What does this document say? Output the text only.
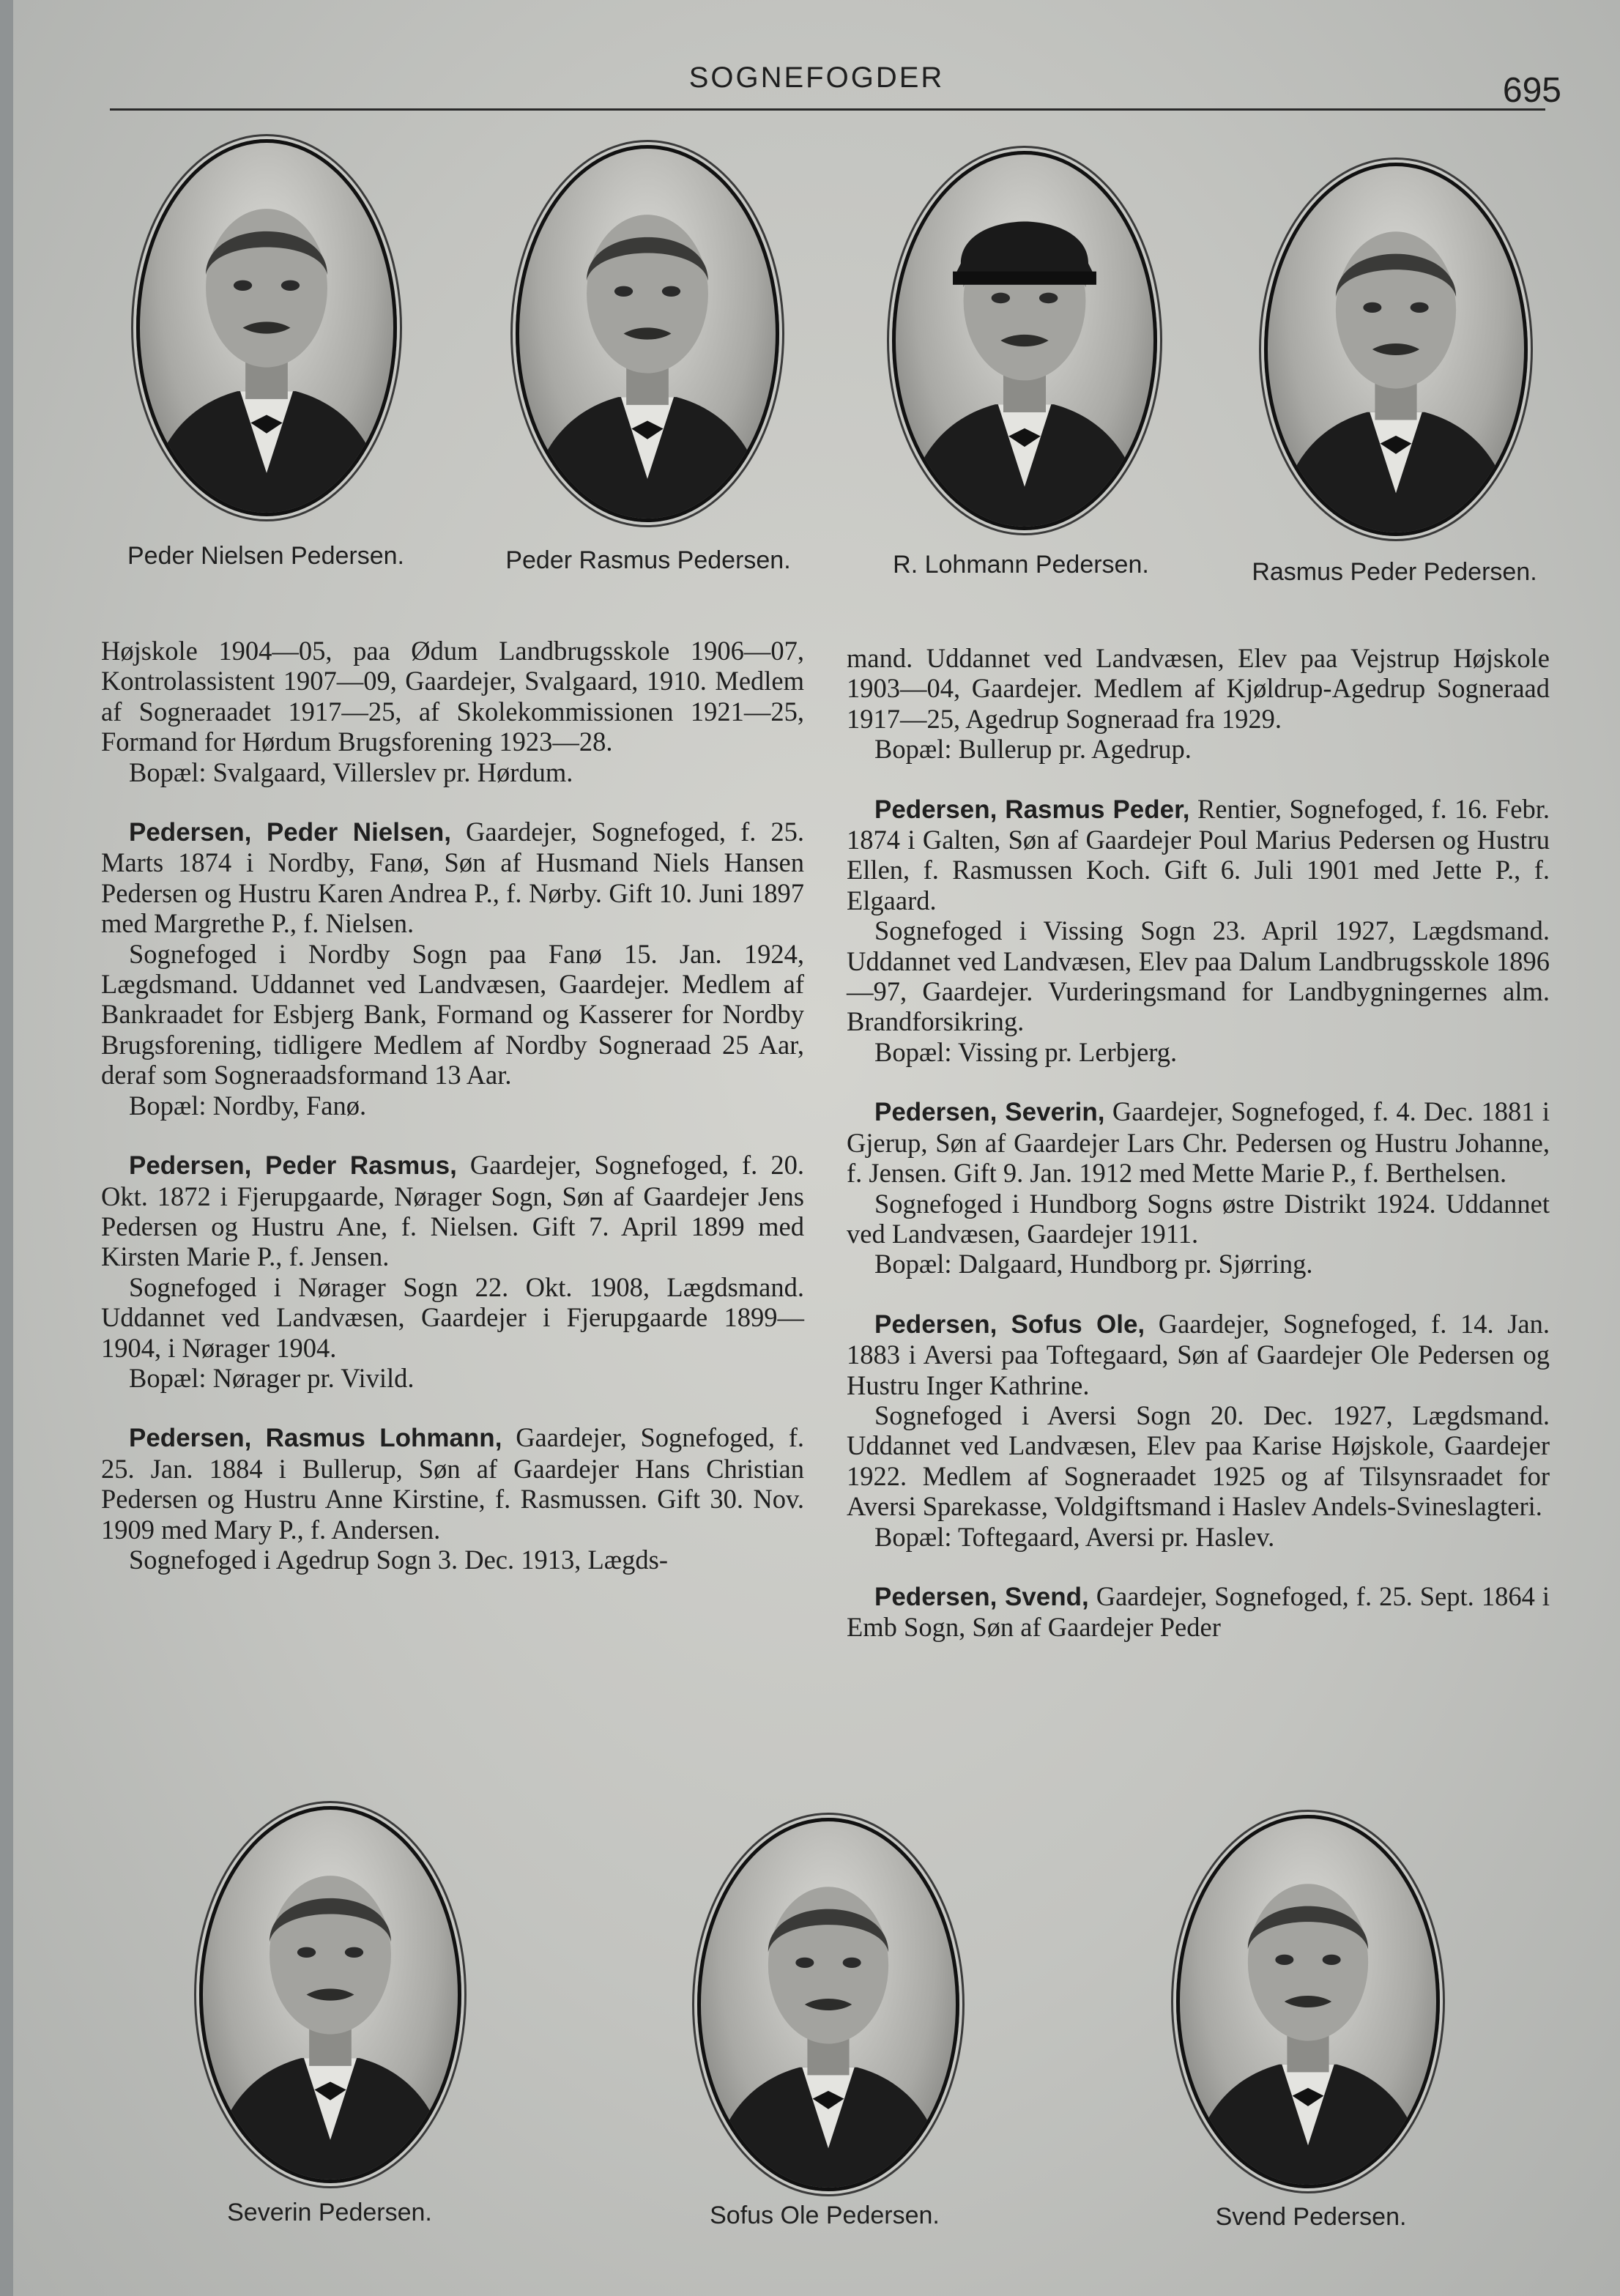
SOGNEFOGDER	695
Peder Nielsen Pedersen.	Peder Rasmus Pedersen.	R. Lohmann Pedersen.	Rasmus Peder Pedersen.

Højskole 1904—05, paa Ødum Landbrugsskole 1906—07, Kontrolassistent 1907—09, Gaardejer, Svalgaard, 1910. Medlem af Sogneraadet 1917—25, af Skolekommissionen 1921—25, Formand for Hørdum Brugsforening 1923—28.

Bopæl: Svalgaard, Villerslev pr. Hørdum.

Pedersen, Peder Nielsen, Gaardejer, Sognefoged, f. 25. Marts 1874 i Nordby, Fanø, Søn af Husmand Niels Hansen Pedersen og Hustru Karen Andrea P., f. Nørby. Gift 10. Juni 1897 med Margrethe P., f. Nielsen.

Sognefoged i Nordby Sogn paa Fanø 15. Jan. 1924, Lægdsmand. Uddannet ved Landvæsen, Gaardejer. Medlem af Bankraadet for Esbjerg Bank, Formand og Kasserer for Nordby Brugsforening, tidligere Medlem af Nordby Sogneraad 25 Aar, deraf som Sogneraadsformand 13 Aar.

Bopæl: Nordby, Fanø.

Pedersen, Peder Rasmus, Gaardejer, Sognefoged, f. 20. Okt. 1872 i Fjerupgaarde, Nørager Sogn, Søn af Gaardejer Jens Pedersen og Hustru Ane, f. Nielsen. Gift 7. April 1899 med Kirsten Marie P., f. Jensen.

Sognefoged i Nørager Sogn 22. Okt. 1908, Lægdsmand. Uddannet ved Landvæsen, Gaardejer i Fjerupgaarde 1899—1904, i Nørager 1904.

Bopæl: Nørager pr. Vivild.

Pedersen, Rasmus Lohmann, Gaardejer, Sognefoged, f. 25. Jan. 1884 i Bullerup, Søn af Gaardejer Hans Christian Pedersen og Hustru Anne Kirstine, f. Rasmussen. Gift 30. Nov. 1909 med Mary P., f. Andersen.

Sognefoged i Agedrup Sogn 3. Dec. 1913, Lægds-

mand. Uddannet ved Landvæsen, Elev paa Vejstrup Højskole 1903—04, Gaardejer. Medlem af Kjøldrup-Agedrup Sogneraad 1917—25, Agedrup Sogneraad fra 1929.

Bopæl: Bullerup pr. Agedrup.

Pedersen, Rasmus Peder, Rentier, Sognefoged, f. 16. Febr. 1874 i Galten, Søn af Gaardejer Poul Marius Pedersen og Hustru Ellen, f. Rasmussen Koch. Gift 6. Juli 1901 med Jette P., f. Elgaard.

Sognefoged i Vissing Sogn 23. April 1927, Lægdsmand. Uddannet ved Landvæsen, Elev paa Dalum Landbrugsskole 1896—97, Gaardejer. Vurderingsmand for Landbygningernes alm. Brandforsikring.

Bopæl: Vissing pr. Lerbjerg.

Pedersen, Severin, Gaardejer, Sognefoged, f. 4. Dec. 1881 i Gjerup, Søn af Gaardejer Lars Chr. Pedersen og Hustru Johanne, f. Jensen. Gift 9. Jan. 1912 med Mette Marie P., f. Berthelsen.

Sognefoged i Hundborg Sogns østre Distrikt 1924. Uddannet ved Landvæsen, Gaardejer 1911.

Bopæl: Dalgaard, Hundborg pr. Sjørring.

Pedersen, Sofus Ole, Gaardejer, Sognefoged, f. 14. Jan. 1883 i Aversi paa Toftegaard, Søn af Gaardejer Ole Pedersen og Hustru Inger Kathrine.

Sognefoged i Aversi Sogn 20. Dec. 1927, Lægdsmand. Uddannet ved Landvæsen, Elev paa Karise Højskole, Gaardejer 1922. Medlem af Sogneraadet 1925 og af Tilsynsraadet for Aversi Sparekasse, Voldgiftsmand i Haslev Andels-Svineslagteri.

Bopæl: Toftegaard, Aversi pr. Haslev.

Pedersen, Svend, Gaardejer, Sognefoged, f. 25. Sept. 1864 i Emb Sogn, Søn af Gaardejer Peder

Severin Pedersen.	Sofus Ole Pedersen.	Svend Pedersen.
